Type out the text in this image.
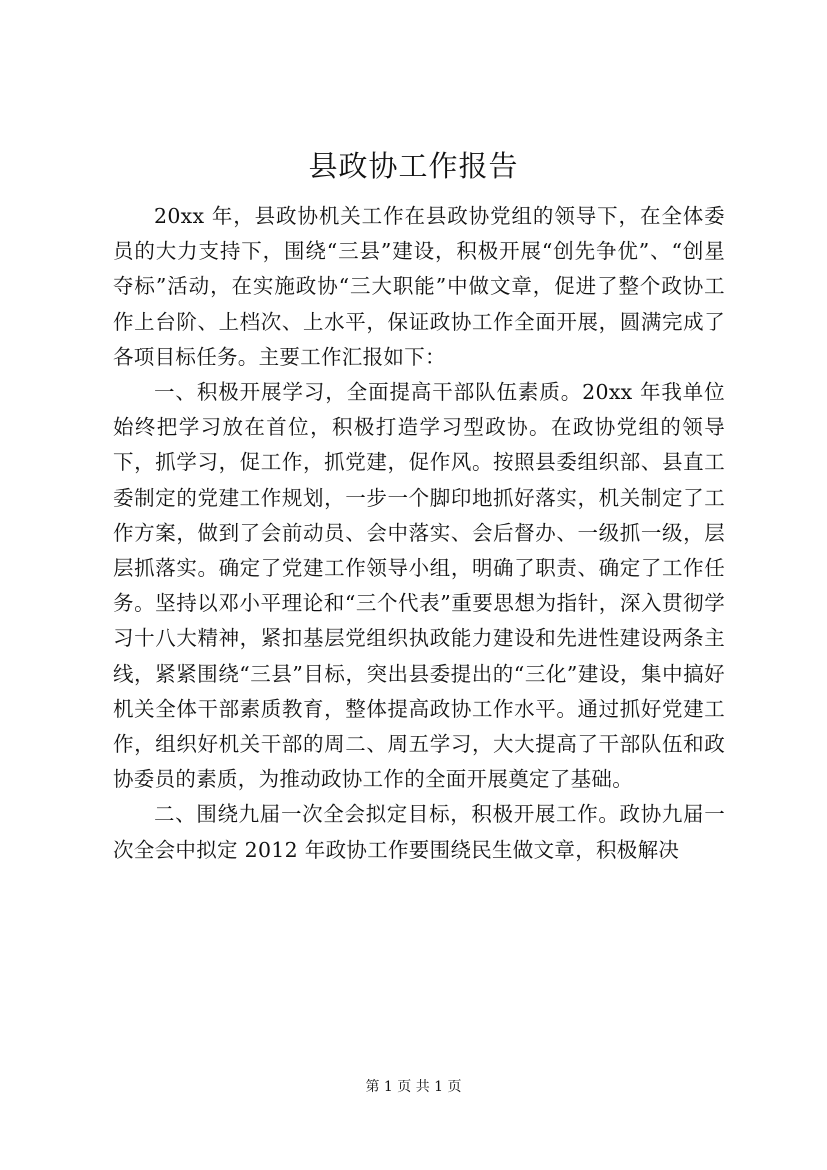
县政协工作报告

20xx 年，县政协机关工作在县政协党组的领导下，在全体委员的大力支持下，围绕“三县”建设，积极开展“创先争优”、“创星夺标”活动，在实施政协“三大职能”中做文章，促进了整个政协工作上台阶、上档次、上水平，保证政协工作全面开展，圆满完成了各项目标任务。主要工作汇报如下：

一、积极开展学习，全面提高干部队伍素质。20xx 年我单位始终把学习放在首位，积极打造学习型政协。在政协党组的领导下，抓学习，促工作，抓党建，促作风。按照县委组织部、县直工委制定的党建工作规划，一步一个脚印地抓好落实，机关制定了工作方案，做到了会前动员、会中落实、会后督办、一级抓一级，层层抓落实。确定了党建工作领导小组，明确了职责、确定了工作任务。坚持以邓小平理论和“三个代表”重要思想为指针，深入贯彻学习十八大精神，紧扣基层党组织执政能力建设和先进性建设两条主线，紧紧围绕“三县”目标，突出县委提出的“三化”建设，集中搞好机关全体干部素质教育，整体提高政协工作水平。通过抓好党建工作，组织好机关干部的周二、周五学习，大大提高了干部队伍和政协委员的素质，为推动政协工作的全面开展奠定了基础。

二、围绕九届一次全会拟定目标，积极开展工作。政协九届一次全会中拟定 2012 年政协工作要围绕民生做文章，积极解决

第 1 页 共 1 页
